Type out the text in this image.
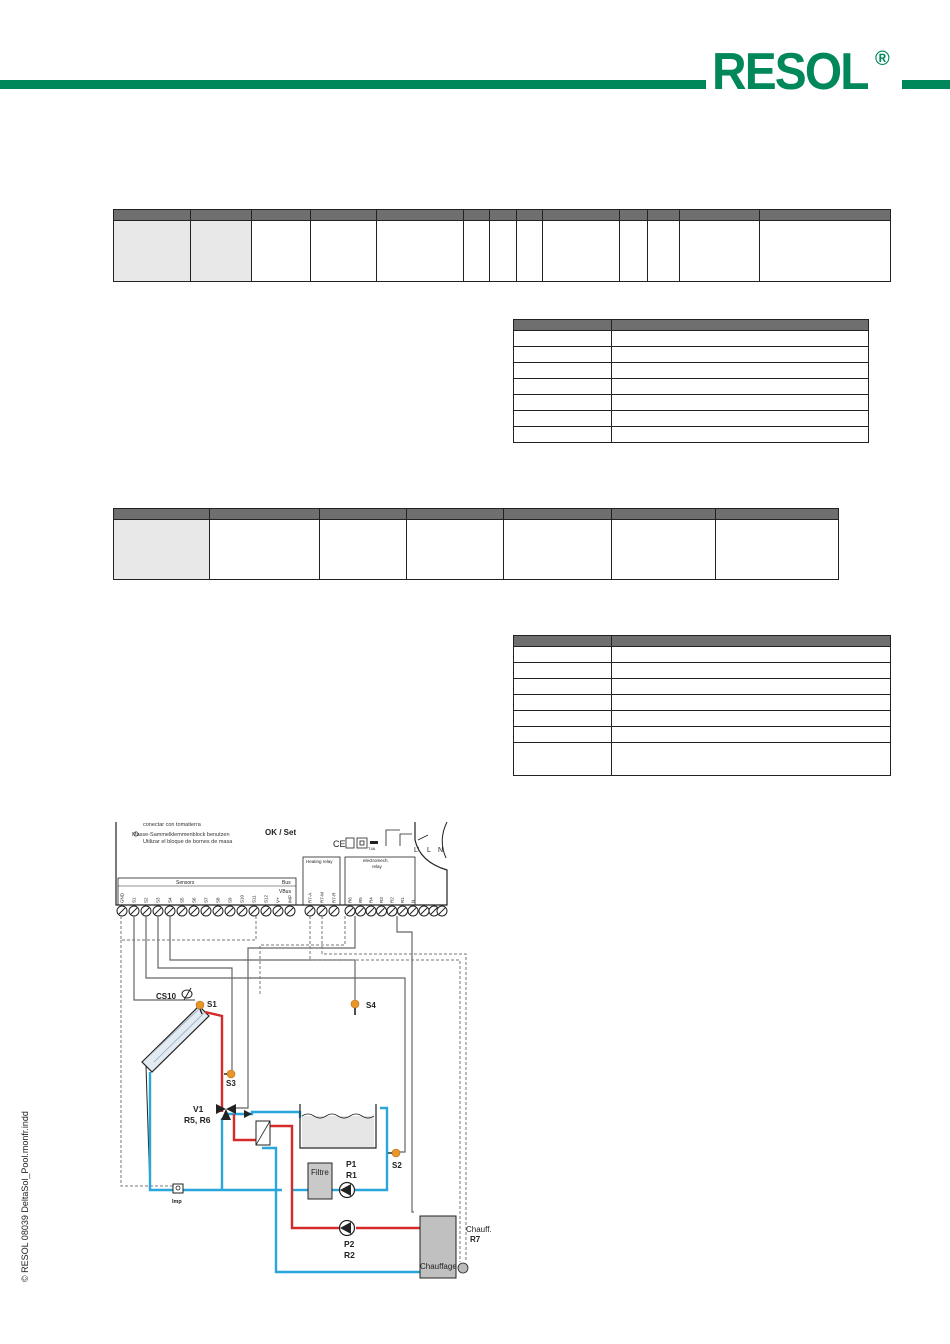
RESOL ®

conectar con tomatierra
Masse-Sammelklemmenblock benutzen
Utilizar el bloque de bornes de masa
OK / Set
CE	T4A	L' L N
Sensors	Bus
VBus
GND S1 S2 S3 S4 S5 S6 S7 S8 S9 S10 S11 S12 V+ IMP
Heating relay
R7-A R7-M R7-R
electromech.
relay
R6 R5 R4 R3 R2 R1 N
Filtre
Chauffage
CS10
S1
S3
S4
S2
V1
R5, R6
Imp
P1
R1
P2
R2
Chauff.
R7
© RESOL 08039 DeltaSol_Pool.monfr.indd
